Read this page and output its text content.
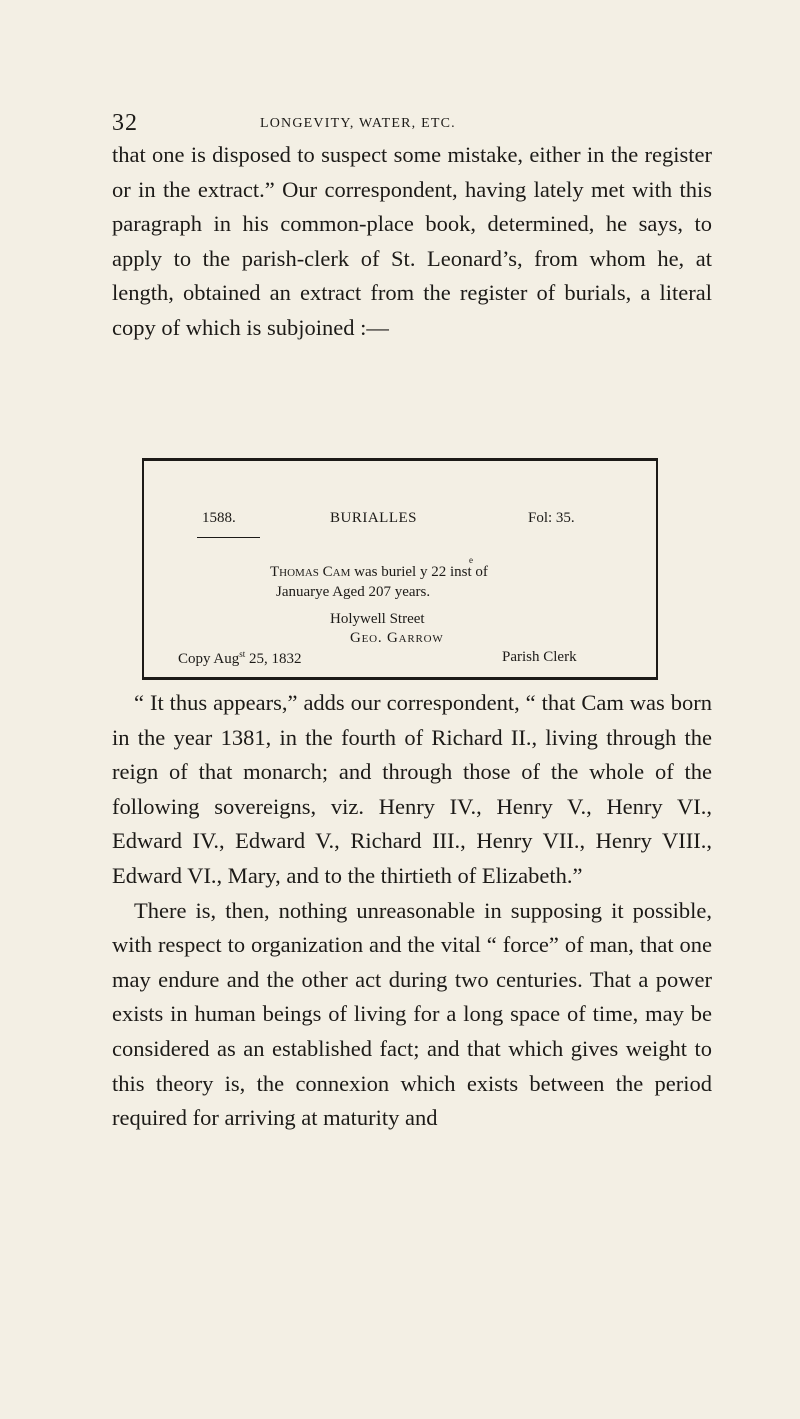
32	LONGEVITY, WATER, ETC.

that one is disposed to suspect some mistake, either in the register or in the extract.” Our correspondent, having lately met with this paragraph in his common-place book, determined, he says, to apply to the parish-clerk of St. Leonard’s, from whom he, at length, obtained an extract from the register of burials, a literal copy of which is subjoined :—

1588.	BURIALLES	Fol: 35.
Thomas Cam was buriel y 22 inst of
e
Januarye Aged 207 years.
Holywell Street
Geo. Garrow
Copy Aug$^{st}$ 25, 1832	Parish Clerk

“ It thus appears,” adds our correspondent, “ that Cam was born in the year 1381, in the fourth of Richard II., living through the reign of that monarch; and through those of the whole of the following sovereigns, viz. Henry IV., Henry V., Henry VI., Edward IV., Edward V., Richard III., Henry VII., Henry VIII., Edward VI., Mary, and to the thirtieth of Elizabeth.”

There is, then, nothing unreasonable in supposing it possible, with respect to organization and the vital “ force” of man, that one may endure and the other act during two centuries. That a power exists in human beings of living for a long space of time, may be considered as an established fact; and that which gives weight to this theory is, the connexion which exists between the period required for arriving at maturity and
